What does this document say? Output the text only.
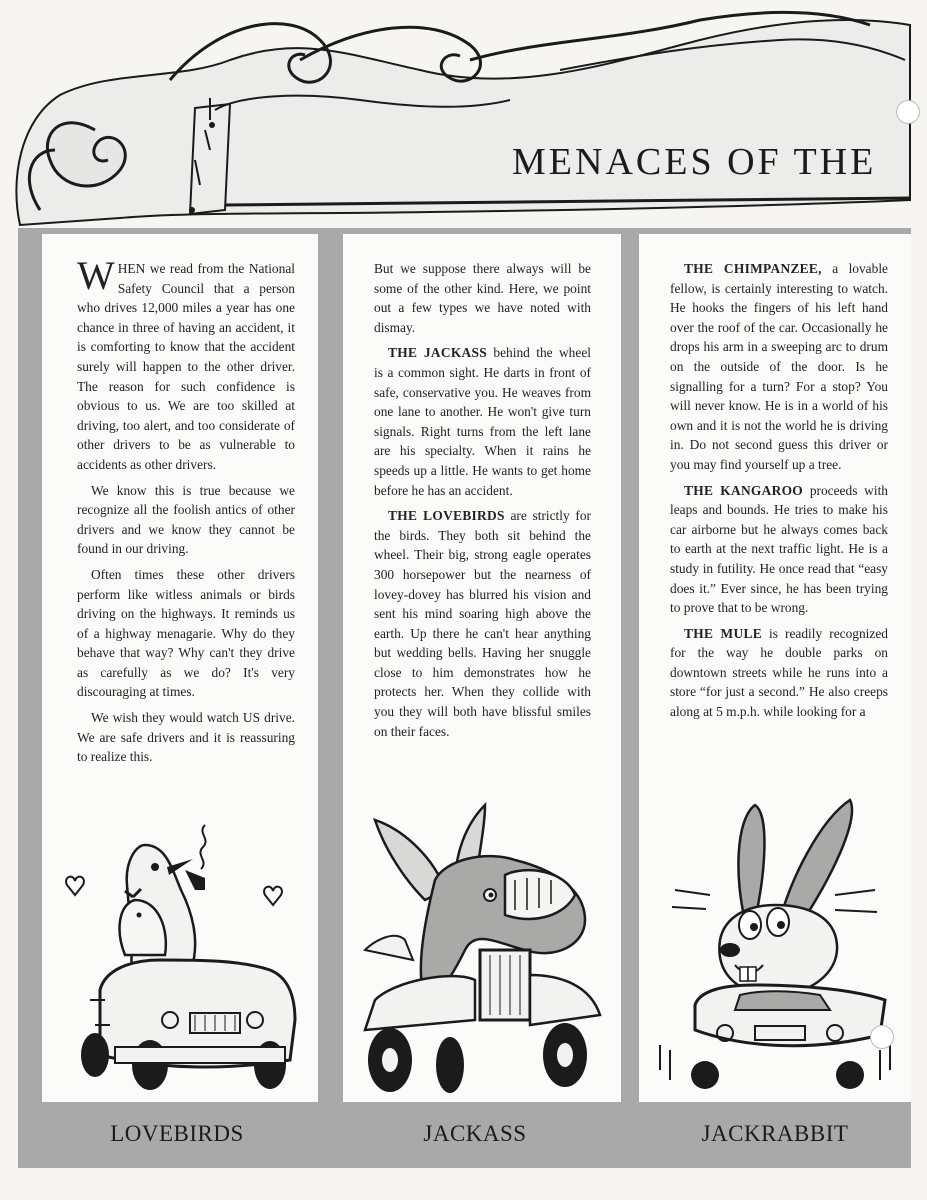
MENACES OF THE

WHEN we read from the National Safety Council that a person who drives 12,000 miles a year has one chance in three of having an accident, it is comforting to know that the accident surely will happen to the other driver. The reason for such confidence is obvious to us. We are too skilled at driving, too alert, and too considerate of other drivers to be as vulnerable to accidents as other drivers.

We know this is true because we recognize all the foolish antics of other drivers and we know they cannot be found in our driving.

Often times these other drivers perform like witless animals or birds driving on the highways. It reminds us of a highway menagarie. Why do they behave that way? Why can't they drive as carefully as we do? It's very discouraging at times.

We wish they would watch US drive. We are safe drivers and it is reassuring to realize this.

But we suppose there always will be some of the other kind. Here, we point out a few types we have noted with dismay.

THE JACKASS behind the wheel is a common sight. He darts in front of safe, conservative you. He weaves from one lane to another. He won't give turn signals. Right turns from the left lane are his specialty. When it rains he speeds up a little. He wants to get home before he has an accident.

THE LOVEBIRDS are strictly for the birds. They both sit behind the wheel. Their big, strong eagle operates 300 horsepower but the nearness of lovey-dovey has blurred his vision and sent his mind soaring high above the earth. Up there he can't hear anything but wedding bells. Having her snuggle close to him demonstrates how he protects her. When they collide with you they will both have blissful smiles on their faces.

THE CHIMPANZEE, a lovable fellow, is certainly interesting to watch. He hooks the fingers of his left hand over the roof of the car. Occasionally he drops his arm in a sweeping arc to drum on the outside of the door. Is he signalling for a turn? For a stop? You will never know. He is in a world of his own and it is not the world he is driving in. Do not second guess this driver or you may find yourself up a tree.

THE KANGAROO proceeds with leaps and bounds. He tries to make his car airborne but he always comes back to earth at the next traffic light. He is a study in futility. He once read that “easy does it.” Ever since, he has been trying to prove that to be wrong.

THE MULE is readily recognized for the way he double parks on downtown streets while he runs into a store “for just a second.” He also creeps along at 5 m.p.h. while looking for a

LOVEBIRDS	JACKASS	JACKRABBIT
